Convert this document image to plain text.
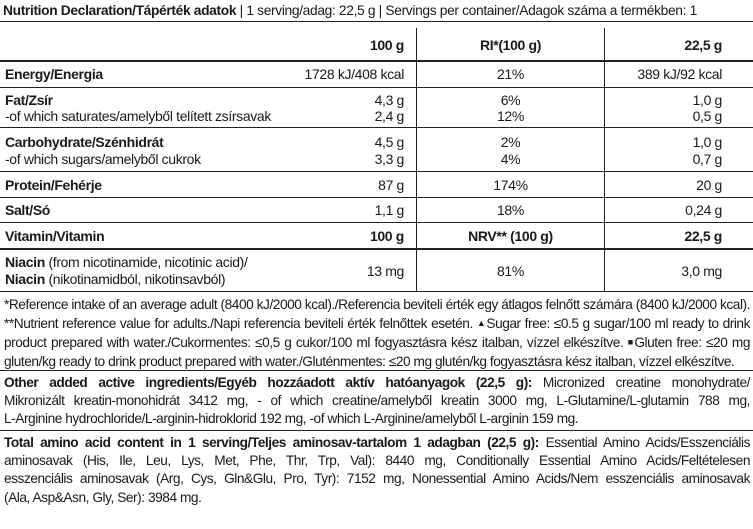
Nutrition Declaration/Tápérték adatok | 1 serving/adag: 22,5 g | Servings per container/Adagok száma a termékben: 1
100 g	RI*(100 g)	22,5 g
Energy/Energia	1728 kJ/408 kcal	21%	389 kJ/92 kcal
Fat/Zsír	4,3 g	6%	1,0 g
-of which saturates/amelyből telített zsírsavak	2,4 g	12%	0,5 g
Carbohydrate/Szénhidrát	4,5 g	2%	1,0 g
-of which sugars/amelyből cukrok	3,3 g	4%	0,7 g
Protein/Fehérje	87 g	174%	20 g
Salt/Só	1,1 g	18%	0,24 g
Vitamin/Vitamin	100 g	NRV** (100 g)	22,5 g
Niacin (from nicotinamide, nicotinic acid)/
Niacin (nikotinamidból, nikotinsavból)	13 mg	81%	3,0 mg

*Reference intake of an average adult (8400 kJ/2000 kcal)./Referencia beviteli érték egy átlagos felnőtt számára (8400 kJ/2000 kcal).

**Nutrient reference value for adults./Napi referencia beviteli érték felnőttek esetén. ▲Sugar free: ≤0.5 g sugar/100 ml ready to drink

product prepared with water./Cukormentes: ≤0,5 g cukor/100 ml fogyasztásra kész italban, vízzel elkészítve. ■Gluten free: ≤20 mg

gluten/kg ready to drink product prepared with water./Gluténmentes: ≤20 mg glutén/kg fogyasztásra kész italban, vízzel elkészítve.

Other added active ingredients/Egyéb hozzáadott aktív hatóanyagok (22,5 g): Micronized creatine monohydrate/

Mikronizált kreatin-monohidrát 3412 mg, - of which creatine/amelyből kreatin 3000 mg, L-Glutamine/L-glutamin 788 mg,

L-Arginine hydrochloride/L-arginin-hidroklorid 192 mg, -of which L-Arginine/amelyből L-arginin 159 mg.

Total amino acid content in 1 serving/Teljes aminosav-tartalom 1 adagban (22,5 g): Essential Amino Acids/Esszenciális

aminosavak (His, Ile, Leu, Lys, Met, Phe, Thr, Trp, Val): 8440 mg, Conditionally Essential Amino Acids/Feltételesen

esszenciális aminosavak (Arg, Cys, Gln&Glu, Pro, Tyr): 7152 mg, Nonessential Amino Acids/Nem esszenciális aminosavak

(Ala, Asp&Asn, Gly, Ser): 3984 mg.
